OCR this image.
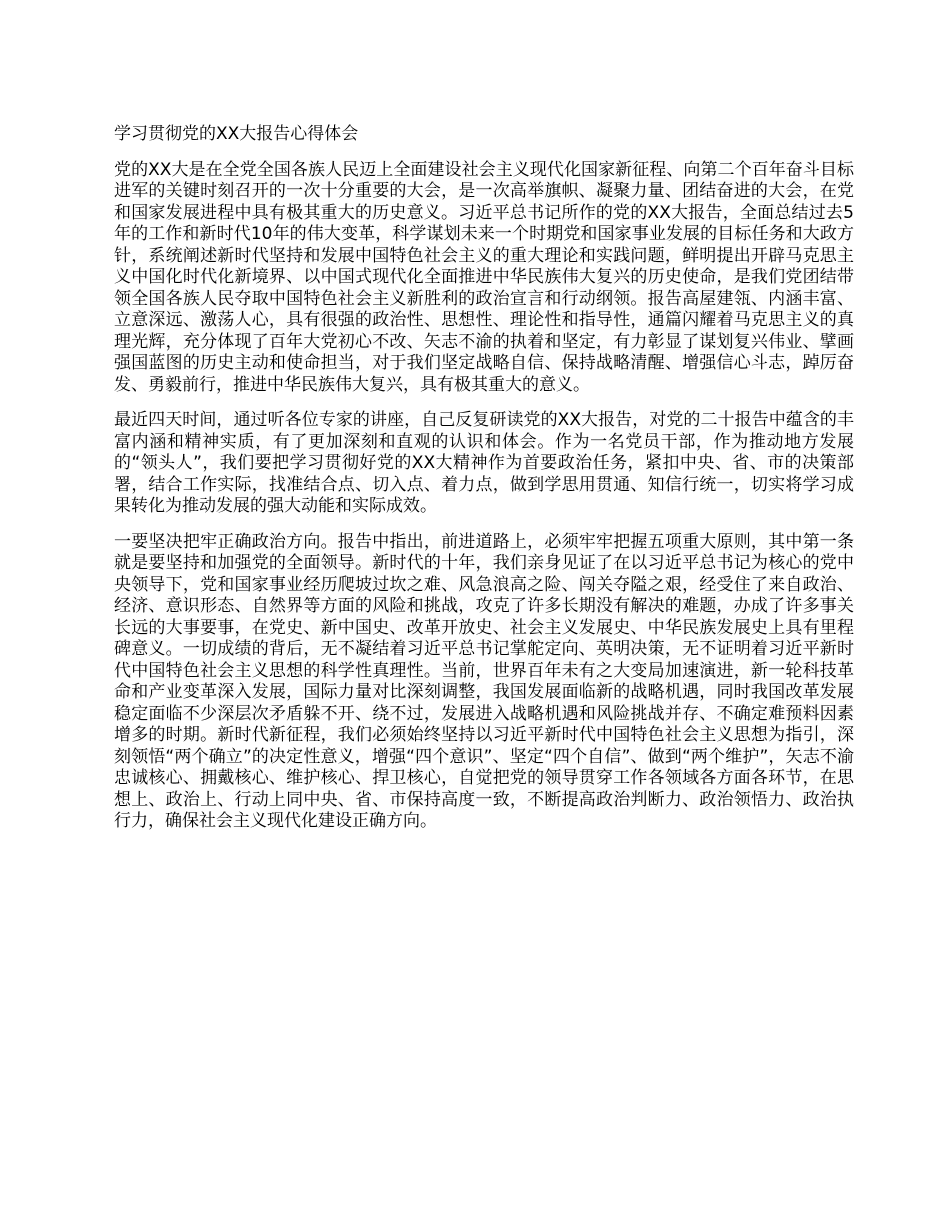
学习贯彻党的XX大报告心得体会

党的XX大是在全党全国各族人民迈上全面建设社会主义现代化国家新征程、向第二个百年奋斗目标进军的关键时刻召开的一次十分重要的大会，是一次高举旗帜、凝聚力量、团结奋进的大会，在党和国家发展进程中具有极其重大的历史意义。习近平总书记所作的党的XX大报告，全面总结过去5年的工作和新时代10年的伟大变革，科学谋划未来一个时期党和国家事业发展的目标任务和大政方针，系统阐述新时代坚持和发展中国特色社会主义的重大理论和实践问题，鲜明提出开辟马克思主义中国化时代化新境界、以中国式现代化全面推进中华民族伟大复兴的历史使命，是我们党团结带领全国各族人民夺取中国特色社会主义新胜利的政治宣言和行动纲领。报告高屋建瓴、内涵丰富、立意深远、激荡人心，具有很强的政治性、思想性、理论性和指导性，通篇闪耀着马克思主义的真理光辉，充分体现了百年大党初心不改、矢志不渝的执着和坚定，有力彰显了谋划复兴伟业、擘画强国蓝图的历史主动和使命担当，对于我们坚定战略自信、保持战略清醒、增强信心斗志，踔厉奋发、勇毅前行，推进中华民族伟大复兴，具有极其重大的意义。

最近四天时间，通过听各位专家的讲座，自己反复研读党的XX大报告，对党的二十报告中蕴含的丰富内涵和精神实质，有了更加深刻和直观的认识和体会。作为一名党员干部，作为推动地方发展的“领头人”，我们要把学习贯彻好党的XX大精神作为首要政治任务，紧扣中央、省、市的决策部署，结合工作实际，找准结合点、切入点、着力点，做到学思用贯通、知信行统一，切实将学习成果转化为推动发展的强大动能和实际成效。

一要坚决把牢正确政治方向。报告中指出，前进道路上，必须牢牢把握五项重大原则，其中第一条就是要坚持和加强党的全面领导。新时代的十年，我们亲身见证了在以习近平总书记为核心的党中央领导下，党和国家事业经历爬坡过坎之难、风急浪高之险、闯关夺隘之艰，经受住了来自政治、经济、意识形态、自然界等方面的风险和挑战，攻克了许多长期没有解决的难题，办成了许多事关长远的大事要事，在党史、新中国史、改革开放史、社会主义发展史、中华民族发展史上具有里程碑意义。一切成绩的背后，无不凝结着习近平总书记掌舵定向、英明决策，无不证明着习近平新时代中国特色社会主义思想的科学性真理性。当前，世界百年未有之大变局加速演进，新一轮科技革命和产业变革深入发展，国际力量对比深刻调整，我国发展面临新的战略机遇，同时我国改革发展稳定面临不少深层次矛盾躲不开、绕不过，发展进入战略机遇和风险挑战并存、不确定难预料因素增多的时期。新时代新征程，我们必须始终坚持以习近平新时代中国特色社会主义思想为指引，深刻领悟“两个确立”的决定性意义，增强“四个意识”、坚定“四个自信”、做到“两个维护”，矢志不渝忠诚核心、拥戴核心、维护核心、捍卫核心，自觉把党的领导贯穿工作各领域各方面各环节，在思想上、政治上、行动上同中央、省、市保持高度一致，不断提高政治判断力、政治领悟力、政治执行力，确保社会主义现代化建设正确方向。
